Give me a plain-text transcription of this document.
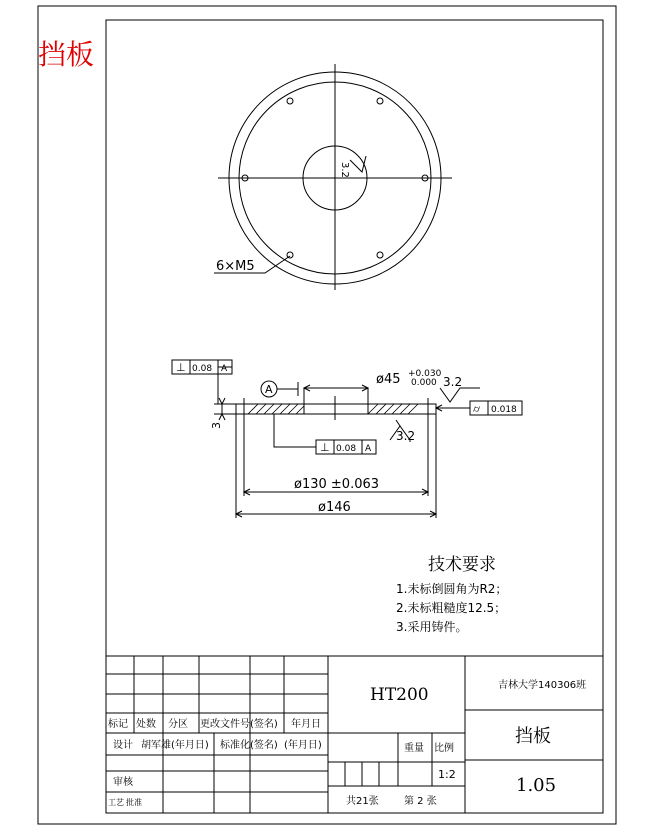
挡板
6×M5
3.2
⊥ 0.08 A
⊥ 0.08 A
⌭ 0.018
A
ø45 +0.030
0.000 3.2
3.2
3
ø130 ±0.063
ø146
技术要求
1.未标倒圆角为R2；
2.未标粗糙度12.5；
3.采用铸件。
HT200	吉林大学140306班
挡板
1.05
重量 比例
1:2
共21张	第 2 张
标记 处数 分区 更改文件号(签名) 年月日
设计 胡军雄(年月日) 标准化(签名) (年月日)
审核
工艺 批准
